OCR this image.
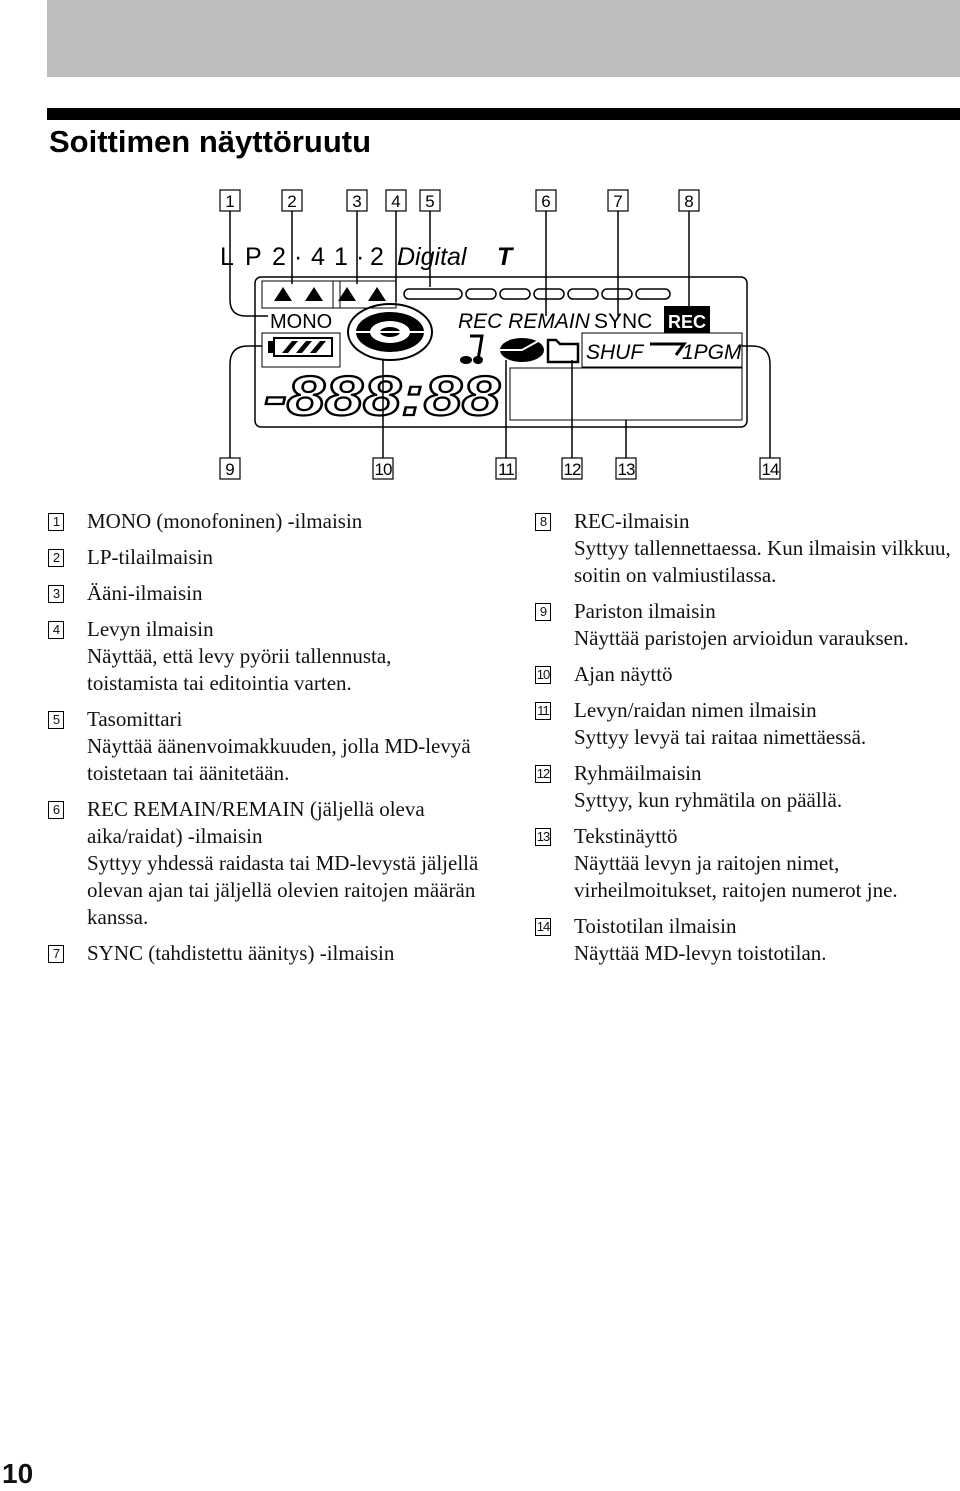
Soittimen näyttöruutu
1	2	3 4 5	6	7	8
L P 2 · 4 1 · 2 Digital T
MONO	REC REMAIN SYNC REC
SHUF 1PGM
-888:88
9	10	11	12 13	14
1 MONO (monofoninen) -ilmaisin
2 LP-tilailmaisin
3 Ääni-ilmaisin
4 Levyn ilmaisin
Näyttää, että levy pyörii tallennusta, toistamista tai editointia varten.
5 Tasomittari
Näyttää äänenvoimakkuuden, jolla MD-levyä toistetaan tai äänitetään.
6 REC REMAIN/REMAIN (jäljellä oleva aika/raidat) -ilmaisin
Syttyy yhdessä raidasta tai MD-levystä jäljellä olevan ajan tai jäljellä olevien raitojen määrän kanssa.
7 SYNC (tahdistettu äänitys) -ilmaisin
8 REC-ilmaisin
Syttyy tallennettaessa. Kun ilmaisin vilkkuu, soitin on valmiustilassa.
9 Pariston ilmaisin
Näyttää paristojen arvioidun varauksen.
10 Ajan näyttö
11 Levyn/raidan nimen ilmaisin
Syttyy levyä tai raitaa nimettäessä.
12 Ryhmäilmaisin
Syttyy, kun ryhmätila on päällä.
13 Tekstinäyttö
Näyttää levyn ja raitojen nimet, virheilmoitukset, raitojen numerot jne.
14 Toistotilan ilmaisin
Näyttää MD-levyn toistotilan.
10
